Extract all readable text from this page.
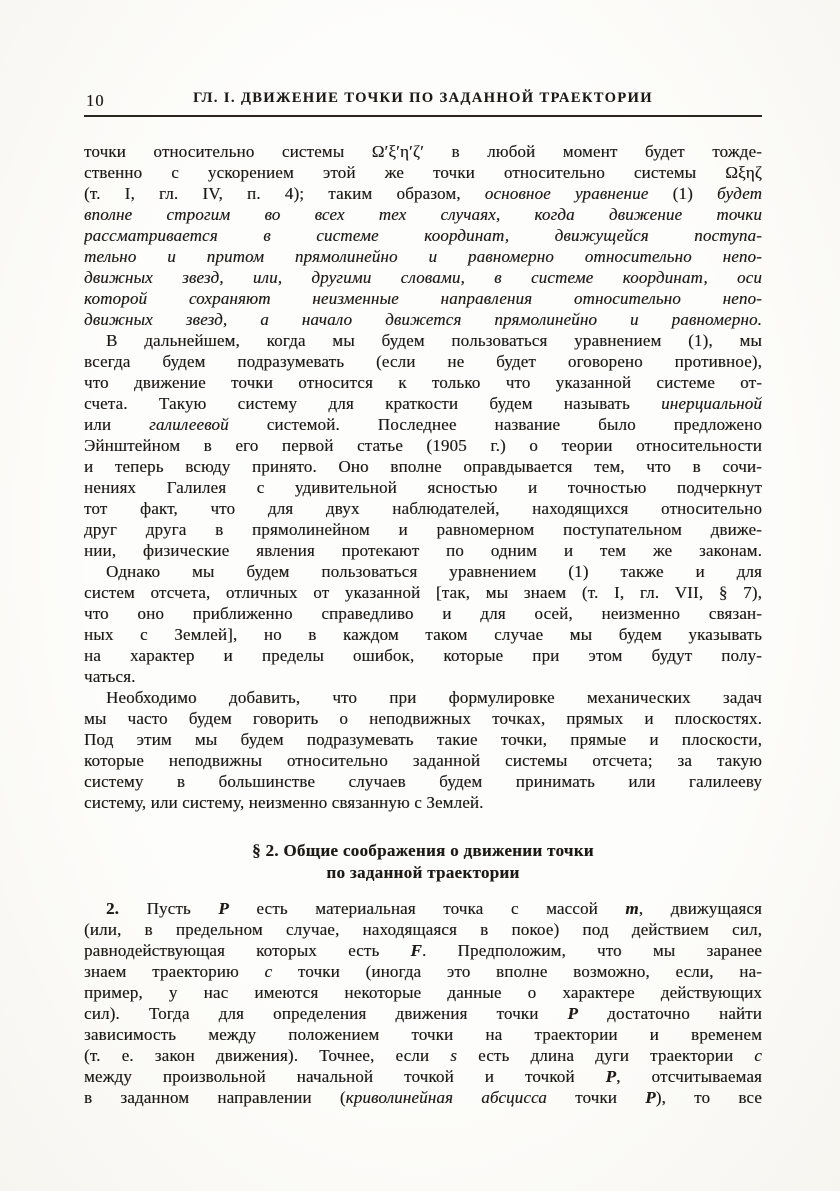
10	ГЛ. I. ДВИЖЕНИЕ ТОЧКИ ПО ЗАДАННОЙ ТРАЕКТОРИИ
точки относительно системы Ω′ξ′η′ζ′ в любой момент будет тожде-
ственно с ускорением этой же точки относительно системы Ωξηζ
(т. I, гл. IV, п. 4); таким образом, основное уравнение (1) будет
вполне строгим во всех тех случаях, когда движение точки
рассматривается в системе координат, движущейся поступа-
тельно и притом прямолинейно и равномерно относительно непо-
движных звезд, или, другими словами, в системе координат, оси
которой сохраняют неизменные направления относительно непо-
движных звезд, а начало движется прямолинейно и равномерно.
В дальнейшем, когда мы будем пользоваться уравнением (1), мы
всегда будем подразумевать (если не будет оговорено противное),
что движение точки относится к только что указанной системе от-
счета. Такую систему для краткости будем называть инерциальной
или галилеевой системой. Последнее название было предложено
Эйнштейном в его первой статье (1905 г.) о теории относительности
и теперь всюду принято. Оно вполне оправдывается тем, что в сочи-
нениях Галилея с удивительной ясностью и точностью подчеркнут
тот факт, что для двух наблюдателей, находящихся относительно
друг друга в прямолинейном и равномерном поступательном движе-
нии, физические явления протекают по одним и тем же законам.
Однако мы будем пользоваться уравнением (1) также и для
систем отсчета, отличных от указанной [так, мы знаем (т. I, гл. VII, § 7),
что оно приближенно справедливо и для осей, неизменно связан-
ных с Землей], но в каждом таком случае мы будем указывать
на характер и пределы ошибок, которые при этом будут полу-
чаться.
Необходимо добавить, что при формулировке механических задач
мы часто будем говорить о неподвижных точках, прямых и плоскостях.
Под этим мы будем подразумевать такие точки, прямые и плоскости,
которые неподвижны относительно заданной системы отсчета; за такую
систему в большинстве случаев будем принимать или галилееву
систему, или систему, неизменно связанную с Землей.
§ 2. Общие соображения о движении точки
по заданной траектории
2. Пусть P есть материальная точка с массой m, движущаяся
(или, в предельном случае, находящаяся в покое) под действием сил,
равнодействующая которых есть F. Предположим, что мы заранее
знаем траекторию c точки (иногда это вполне возможно, если, на-
пример, у нас имеются некоторые данные о характере действующих
сил). Тогда для определения движения точки P достаточно найти
зависимость между положением точки на траектории и временем
(т. е. закон движения). Точнее, если s есть длина дуги траектории c
между произвольной начальной точкой и точкой P, отсчитываемая
в заданном направлении (криволинейная абсцисса точки P), то все
